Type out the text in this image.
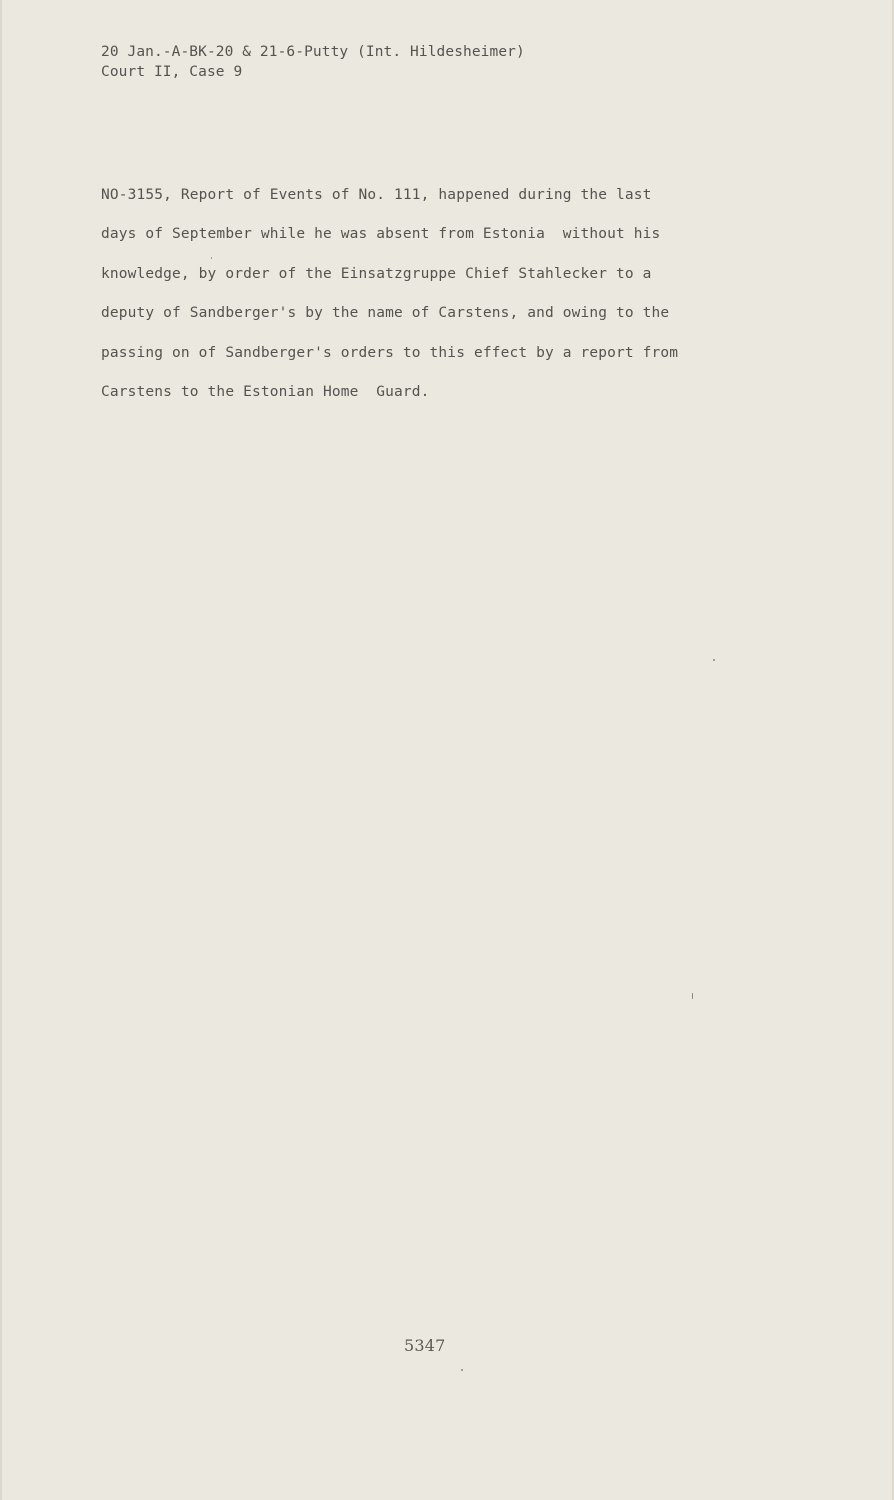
20 Jan.-A-BK-20 & 21-6-Putty (Int. Hildesheimer)
Court II, Case 9
NO-3155, Report of Events of No. 111, happened during the last
days of September while he was absent from Estonia  without his
knowledge, by order of the Einsatzgruppe Chief Stahlecker to a
deputy of Sandberger's by the name of Carstens, and owing to the
passing on of Sandberger's orders to this effect by a report from
Carstens to the Estonian Home  Guard.
5347
